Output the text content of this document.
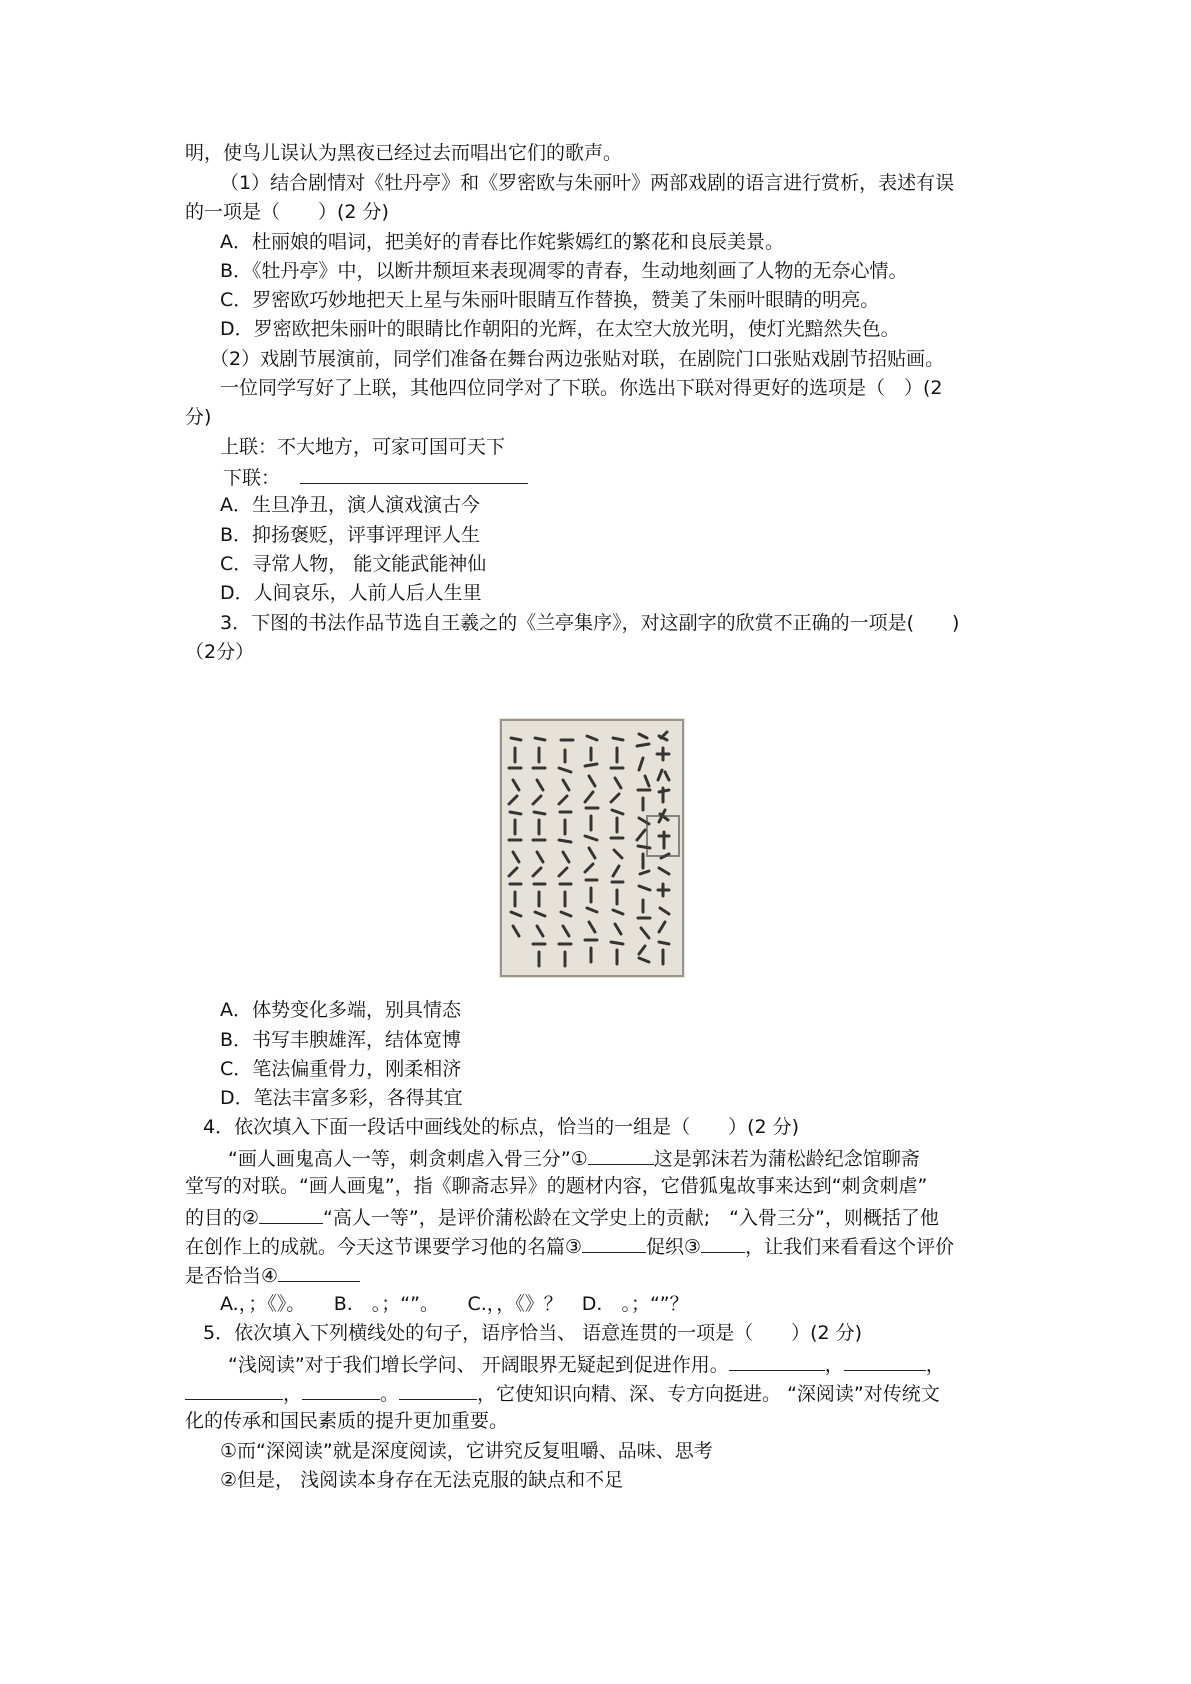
明，使鸟儿误认为黑夜已经过去而唱出它们的歌声。
（1）结合剧情对《牡丹亭》和《罗密欧与朱丽叶》两部戏剧的语言进行赏析，表述有误
的一项是（　　）(2 分)
A．杜丽娘的唱词，把美好的青春比作姹紫嫣红的繁花和良辰美景。
B．《牡丹亭》中，以断井颓垣来表现凋零的青春，生动地刻画了人物的无奈心情。
C．罗密欧巧妙地把天上星与朱丽叶眼睛互作替换，赞美了朱丽叶眼睛的明亮。
D．罗密欧把朱丽叶的眼睛比作朝阳的光辉，在太空大放光明，使灯光黯然失色。
（2）戏剧节展演前，同学们准备在舞台两边张贴对联，在剧院门口张贴戏剧节招贴画。
一位同学写好了上联，其他四位同学对了下联。你选出下联对得更好的选项是（　）(2
分)
上联：不大地方，可家可国可天下
下联：
A．生旦净丑，演人演戏演古今
B．抑扬褒贬，评事评理评人生
C．寻常人物， 能文能武能神仙
D．人间哀乐，人前人后人生里
3．下图的书法作品节选自王羲之的《兰亭集序》，对这副字的欣赏不正确的一项是(　　)
（2分）
A．体势变化多端，别具情态
B．书写丰腴雄浑，结体宽博
C．笔法偏重骨力，刚柔相济
D．笔法丰富多彩，各得其宜
4．依次填入下面一段话中画线处的标点，恰当的一组是（　　）(2 分)
“画人画鬼高人一等，刺贪刺虐入骨三分”①	这是郭沫若为蒲松龄纪念馆聊斋
堂写的对联。“画人画鬼”，指《聊斋志异》的题材内容，它借狐鬼故事来达到“刺贪刺虐”
的目的②	“高人一等”，是评价蒲松龄在文学史上的贡献;　“入骨三分”，则概括了他
在创作上的成就。今天这节课要学习他的名篇③	促织③ ，让我们来看看这个评价
是否恰当④
A.，；《》。　　B.　。；“”。　　C.，，《》？　D.　。；“”？
5．依次填入下列横线处的句子，语序恰当、 语意连贯的一项是（　　）(2 分)
“浅阅读”对于我们增长学问、 开阔眼界无疑起到促进作用。	，	，
，	。	，它使知识向精、深、专方向挺进。 “深阅读”对传统文
化的传承和国民素质的提升更加重要。
①而“深阅读”就是深度阅读，它讲究反复咀嚼、品味、思考
②但是， 浅阅读本身存在无法克服的缺点和不足
